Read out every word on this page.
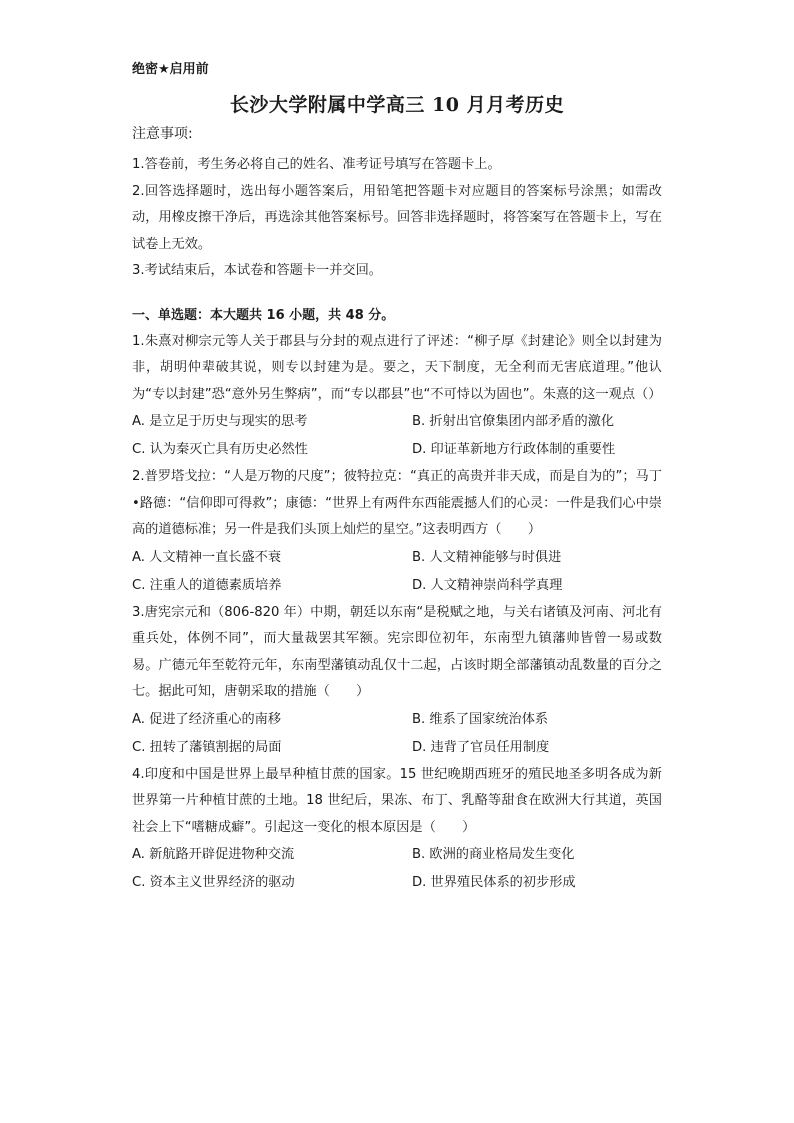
绝密★启用前

长沙大学附属中学高三 10 月月考历史

注意事项:

1.答卷前，考生务必将自己的姓名、准考证号填写在答题卡上。

2.回答选择题时，选出每小题答案后，用铅笔把答题卡对应题目的答案标号涂黑；如需改动，用橡皮擦干净后，再选涂其他答案标号。回答非选择题时，将答案写在答题卡上，写在试卷上无效。

3.考试结束后，本试卷和答题卡一并交回。

一、单选题：本大题共 16 小题，共 48 分。

1.朱熹对柳宗元等人关于郡县与分封的观点进行了评述：“柳子厚《封建论》则全以封建为非，胡明仲辈破其说，则专以封建为是。要之，天下制度，无全利而无害底道理。”他认为“专以封建”恐“意外另生弊病”，而“专以郡县”也“不可恃以为固也”。朱熹的这一观点（）

A. 是立足于历史与现实的思考	B. 折射出官僚集团内部矛盾的激化
C. 认为秦灭亡具有历史必然性	D. 印证革新地方行政体制的重要性

2.普罗塔戈拉：“人是万物的尺度”；彼特拉克：“真正的高贵并非天成，而是自为的”；马丁•路德：“信仰即可得救”；康德：“世界上有两件东西能震撼人们的心灵：一件是我们心中崇高的道德标准；另一件是我们头顶上灿烂的星空。”这表明西方（　　）

A. 人文精神一直长盛不衰	B. 人文精神能够与时俱进
C. 注重人的道德素质培养	D. 人文精神崇尚科学真理

3.唐宪宗元和（806-820 年）中期，朝廷以东南“是税赋之地，与关右诸镇及河南、河北有重兵处，体例不同”，而大量裁罢其军额。宪宗即位初年，东南型九镇藩帅皆曾一易或数易。广德元年至乾符元年，东南型藩镇动乱仅十二起，占该时期全部藩镇动乱数量的百分之七。据此可知，唐朝采取的措施（　　）

A. 促进了经济重心的南移	B. 维系了国家统治体系
C. 扭转了藩镇割据的局面	D. 违背了官员任用制度

4.印度和中国是世界上最早种植甘蔗的国家。15 世纪晚期西班牙的殖民地圣多明各成为新世界第一片种植甘蔗的土地。18 世纪后，果冻、布丁、乳酪等甜食在欧洲大行其道，英国社会上下“嗜糖成癖”。引起这一变化的根本原因是（　　）

A. 新航路开辟促进物种交流	B. 欧洲的商业格局发生变化
C. 资本主义世界经济的驱动	D. 世界殖民体系的初步形成
